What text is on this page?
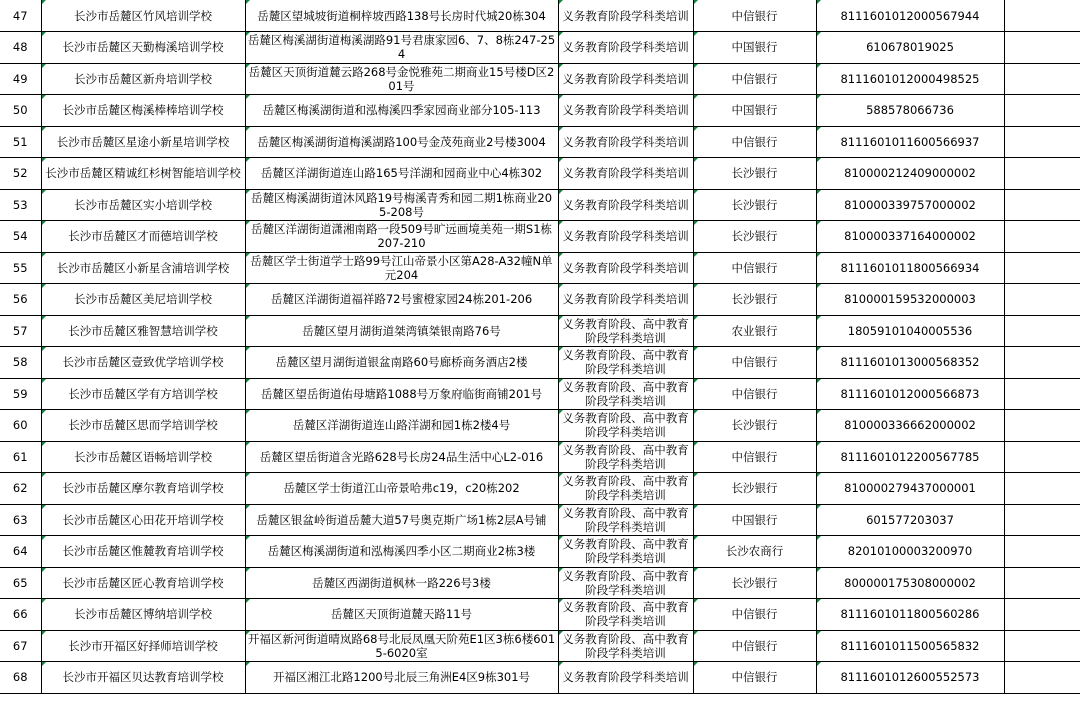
47	长沙市岳麓区竹风培训学校	岳麓区望城坡街道桐梓坡西路138号长房时代城20栋304	义务教育阶段学科类培训	中信银行	8111601012000567944	
48	长沙市岳麓区天勤梅溪培训学校	岳麓区梅溪湖街道梅溪湖路91号君康家园6、7、8栋247-254	义务教育阶段学科类培训	中国银行	610678019025	
49	长沙市岳麓区新舟培训学校	岳麓区天顶街道麓云路268号金悦雅苑二期商业15号楼D区201号	义务教育阶段学科类培训	中信银行	8111601012000498525	
50	长沙市岳麓区梅溪棒棒培训学校	岳麓区梅溪湖街道和泓梅溪四季家园商业部分105-113	义务教育阶段学科类培训	中国银行	588578066736	
51	长沙市岳麓区星途小新星培训学校	岳麓区梅溪湖街道梅溪湖路100号金茂苑商业2号楼3004	义务教育阶段学科类培训	中信银行	8111601011600566937	
52	长沙市岳麓区精诚红杉树智能培训学校	岳麓区洋湖街道连山路165号洋湖和园商业中心4栋302	义务教育阶段学科类培训	长沙银行	810000212409000002	
53	长沙市岳麓区实小培训学校	岳麓区梅溪湖街道沐风路19号梅溪青秀和园二期1栋商业205-208号	义务教育阶段学科类培训	长沙银行	810000339757000002	
54	长沙市岳麓区才而德培训学校	岳麓区洋湖街道潇湘南路一段509号旷远画境美苑一期S1栋207-210	义务教育阶段学科类培训	长沙银行	810000337164000002	
55	长沙市岳麓区小新星含浦培训学校	岳麓区学士街道学士路99号江山帝景小区第A28-A32幢N单元204	义务教育阶段学科类培训	中信银行	8111601011800566934	
56	长沙市岳麓区美尼培训学校	岳麓区洋湖街道福祥路72号蜜橙家园24栋201-206	义务教育阶段学科类培训	长沙银行	810000159532000003	
57	长沙市岳麓区雅智慧培训学校	岳麓区望月湖街道桀湾镇桀银南路76号	义务教育阶段、高中教育阶段学科类培训	农业银行	18059101040005536	
58	长沙市岳麓区壹致优学培训学校	岳麓区望月湖街道银盆南路60号廊桥商务酒店2楼	义务教育阶段、高中教育阶段学科类培训	中信银行	8111601013000568352	
59	长沙市岳麓区学有方培训学校	岳麓区望岳街道佑母塘路1088号万象府临街商铺201号	义务教育阶段、高中教育阶段学科类培训	中信银行	8111601012000566873	
60	长沙市岳麓区思而学培训学校	岳麓区洋湖街道连山路洋湖和园1栋2楼4号	义务教育阶段、高中教育阶段学科类培训	长沙银行	810000336662000002	
61	长沙市岳麓区语畅培训学校	岳麓区望岳街道含光路628号长房24品生活中心L2-016	义务教育阶段、高中教育阶段学科类培训	中信银行	8111601012200567785	
62	长沙市岳麓区摩尔教育培训学校	岳麓区学士街道江山帝景哈弗c19，c20栋202	义务教育阶段、高中教育阶段学科类培训	长沙银行	810000279437000001	
63	长沙市岳麓区心田花开培训学校	岳麓区银盆岭街道岳麓大道57号奥克斯广场1栋2层A号铺	义务教育阶段、高中教育阶段学科类培训	中国银行	601577203037	
64	长沙市岳麓区惟麓教育培训学校	岳麓区梅溪湖街道和泓梅溪四季小区二期商业2栋3楼	义务教育阶段、高中教育阶段学科类培训	长沙农商行	82010100003200970	
65	长沙市岳麓区匠心教育培训学校	岳麓区西湖街道枫林一路226号3楼	义务教育阶段、高中教育阶段学科类培训	长沙银行	800000175308000002	
66	长沙市岳麓区博纳培训学校	岳麓区天顶街道麓天路11号	义务教育阶段、高中教育阶段学科类培训	中信银行	8111601011800560286	
67	长沙市开福区好择师培训学校	开福区新河街道晴岚路68号北辰凤凰天阶苑E1区3栋6楼6015-6020室	义务教育阶段、高中教育阶段学科类培训	中信银行	8111601011500565832	
68	长沙市开福区贝达教育培训学校	开福区湘江北路1200号北辰三角洲E4区9栋301号	义务教育阶段学科类培训	中信银行	8111601012600552573	
